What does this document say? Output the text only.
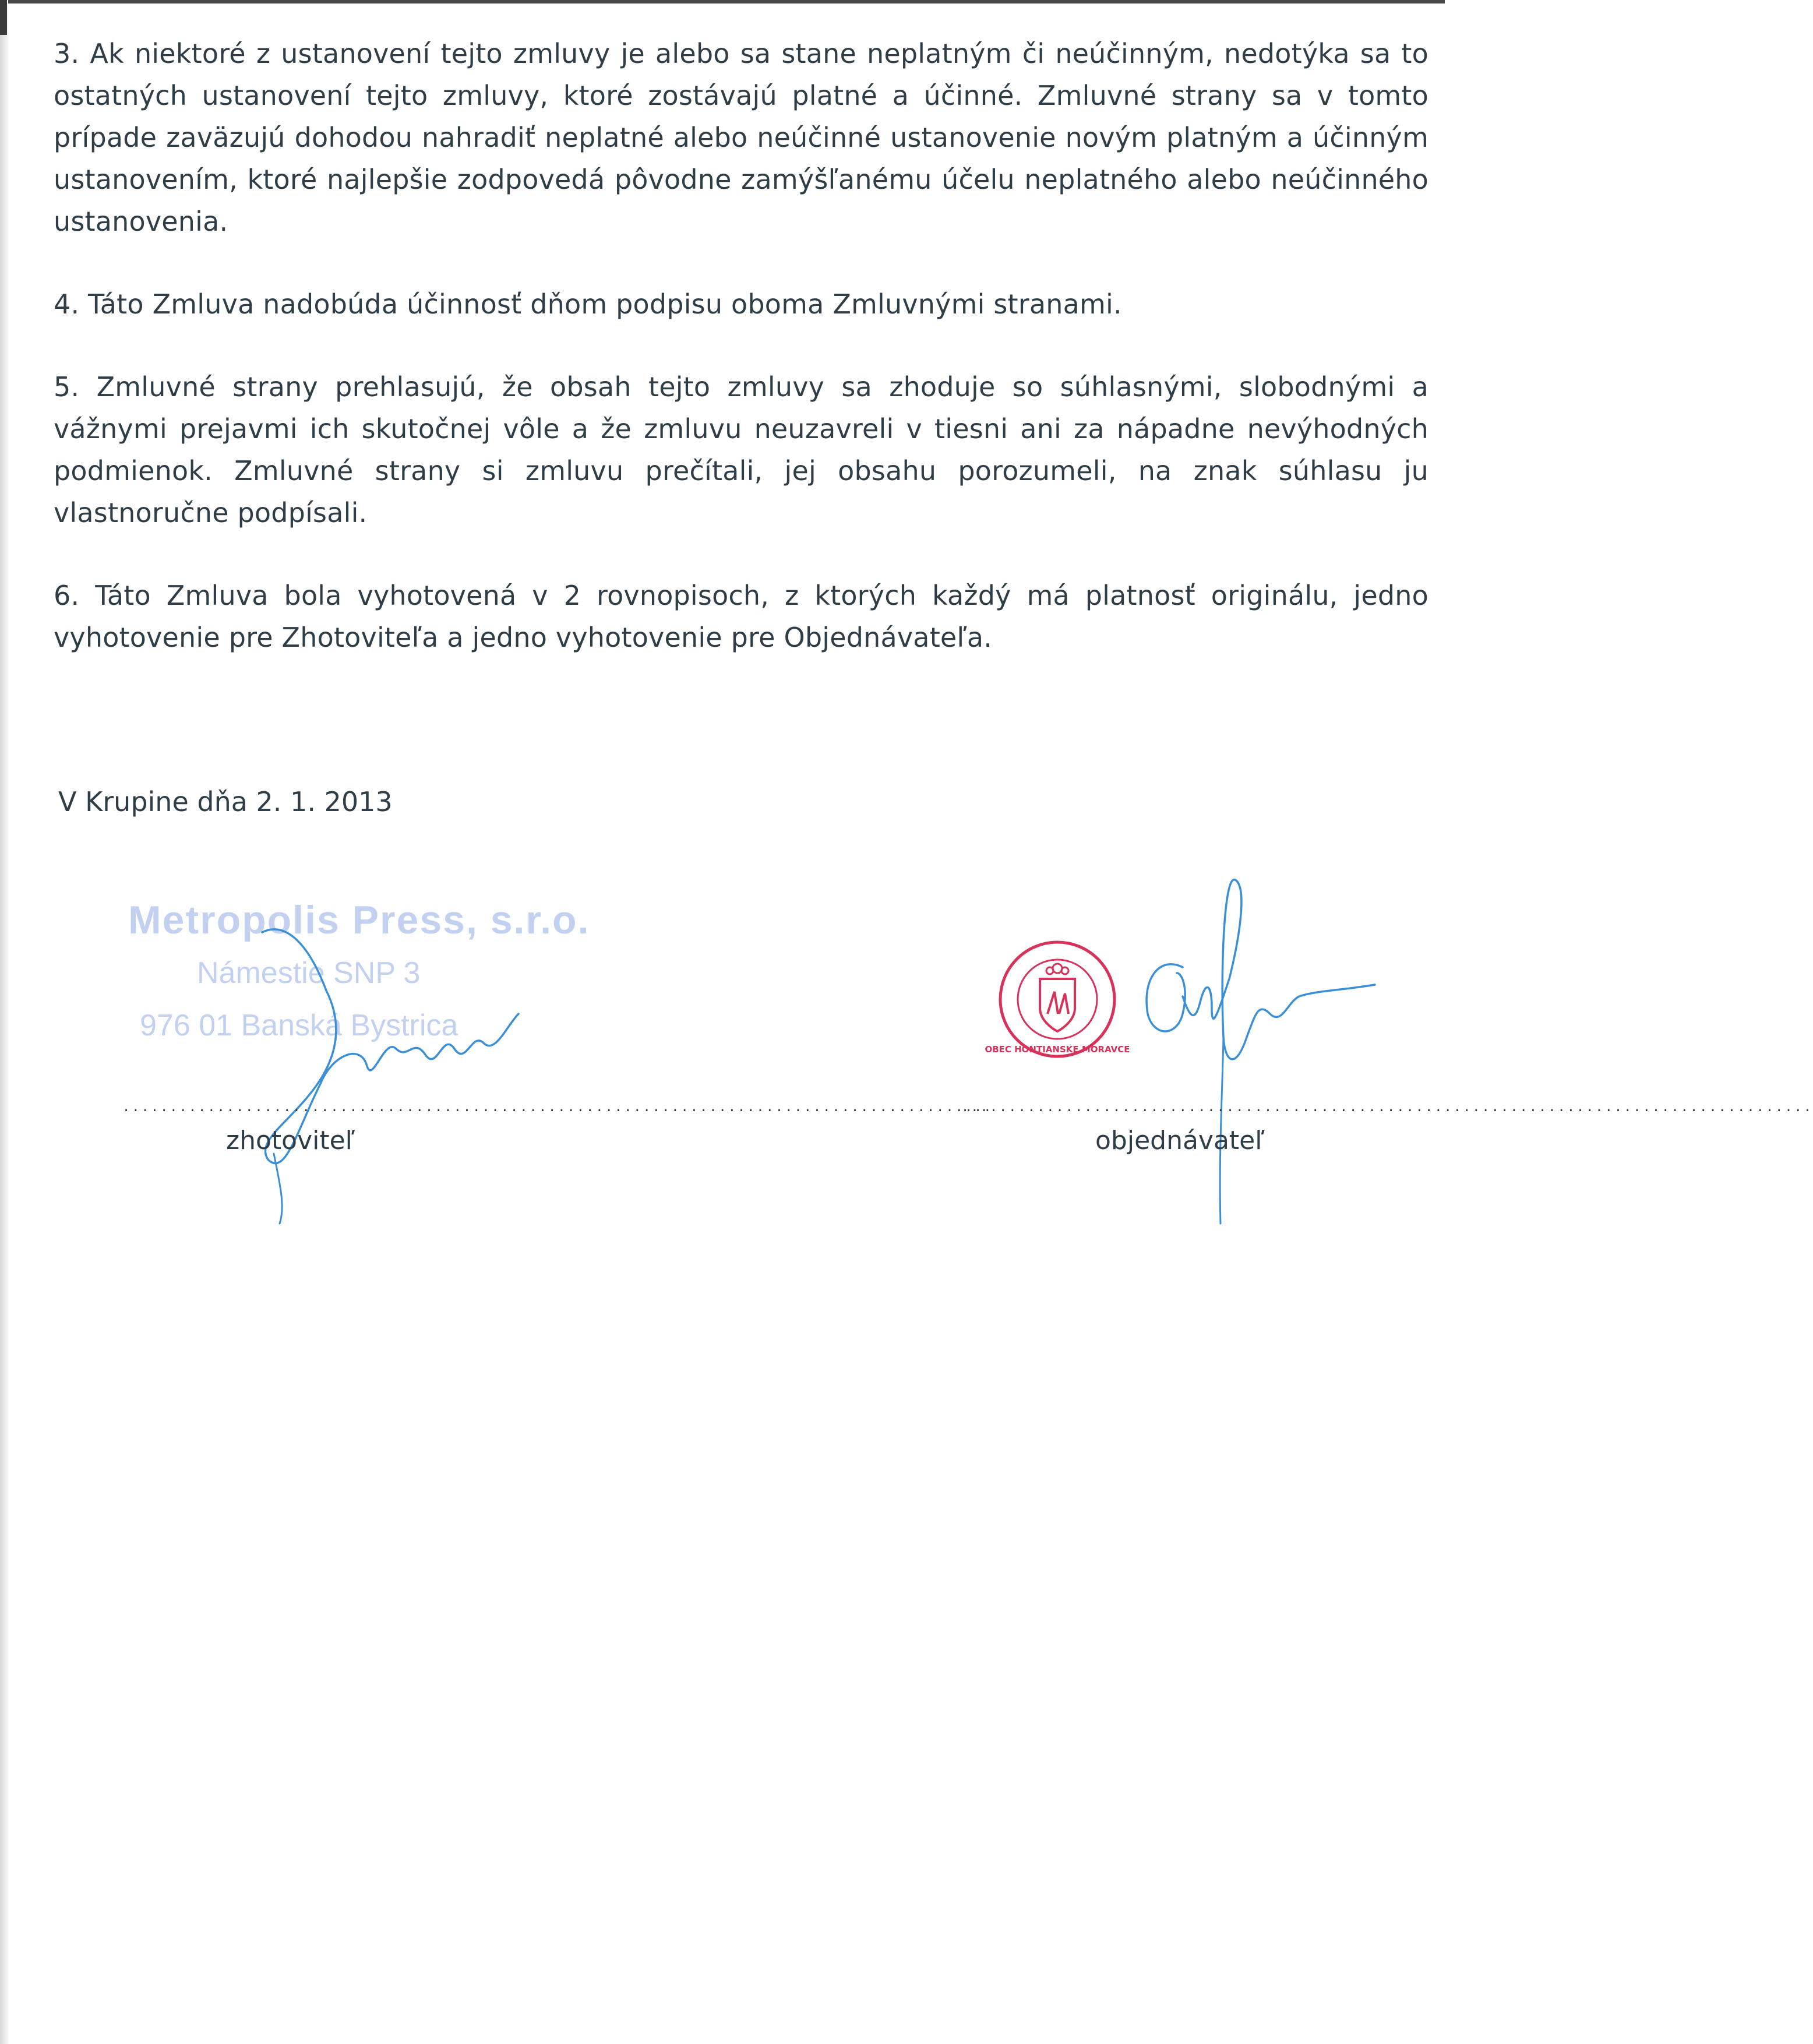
3. Ak niektoré z ustanovení tejto zmluvy je alebo sa stane neplatným či neúčinným, nedotýka sa to ostatných ustanovení tejto zmluvy, ktoré zostávajú platné a účinné. Zmluvné strany sa v tomto prípade zaväzujú dohodou nahradiť neplatné alebo neúčinné ustanovenie novým platným a účinným ustanovením, ktoré najlepšie zodpovedá pôvodne zamýšľanému účelu neplatného alebo neúčinného ustanovenia.

4. Táto Zmluva nadobúda účinnosť dňom podpisu oboma Zmluvnými stranami.

5. Zmluvné strany prehlasujú, že obsah tejto zmluvy sa zhoduje so súhlasnými, slobodnými a vážnymi prejavmi ich skutočnej vôle a že zmluvu neuzavreli v tiesni ani za nápadne nevýhodných podmienok. Zmluvné strany si zmluvu prečítali, jej obsahu porozumeli, na znak súhlasu ju vlastnoručne podpísali.

6. Táto Zmluva bola vyhotovená v 2 rovnopisoch, z ktorých každý má platnosť originálu, jedno vyhotovenie pre Zhotoviteľa a jedno vyhotovenie pre Objednávateľa.

V Krupine dňa 2. 1. 2013
Metropolis Press, s.r.o.
Námestie SNP 3
976 01 Banská Bystrica
............................................................................................
zhotoviteľ
OBEC HONTIANSKE MORAVCE
..........................................................................................
objednávateľ
